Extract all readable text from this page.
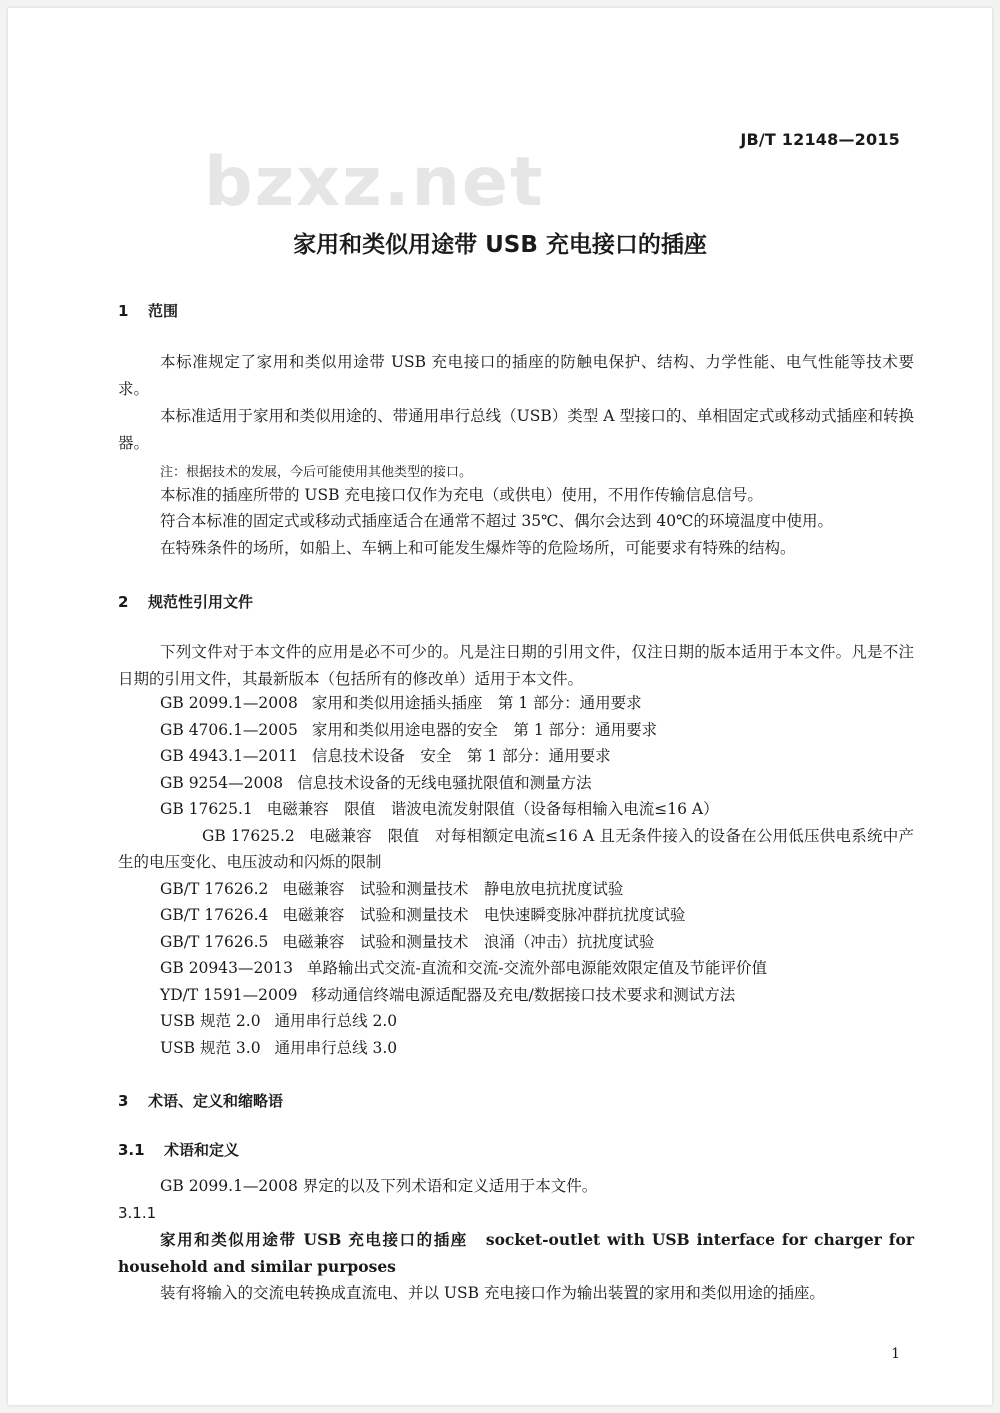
JB/T 12148—2015
bzxz.net
家用和类似用途带 USB 充电接口的插座
1 范围
本标准规定了家用和类似用途带 USB 充电接口的插座的防触电保护、结构、力学性能、电气性能等技术要求。
本标准适用于家用和类似用途的、带通用串行总线（USB）类型 A 型接口的、单相固定式或移动式插座和转换器。
注：根据技术的发展，今后可能使用其他类型的接口。
本标准的插座所带的 USB 充电接口仅作为充电（或供电）使用，不用作传输信息信号。
符合本标准的固定式或移动式插座适合在通常不超过 35℃、偶尔会达到 40℃的环境温度中使用。
在特殊条件的场所，如船上、车辆上和可能发生爆炸等的危险场所，可能要求有特殊的结构。
2 规范性引用文件
下列文件对于本文件的应用是必不可少的。凡是注日期的引用文件，仅注日期的版本适用于本文件。凡是不注日期的引用文件，其最新版本（包括所有的修改单）适用于本文件。
GB 2099.1—2008 家用和类似用途插头插座　第 1 部分：通用要求
GB 4706.1—2005 家用和类似用途电器的安全　第 1 部分：通用要求
GB 4943.1—2011 信息技术设备　安全　第 1 部分：通用要求
GB 9254—2008 信息技术设备的无线电骚扰限值和测量方法
GB 17625.1 电磁兼容　限值　谐波电流发射限值（设备每相输入电流≤16 A）
GB 17625.2 电磁兼容　限值　对每相额定电流≤16 A 且无条件接入的设备在公用低压供电系统中产生的电压变化、电压波动和闪烁的限制
GB/T 17626.2 电磁兼容　试验和测量技术　静电放电抗扰度试验
GB/T 17626.4 电磁兼容　试验和测量技术　电快速瞬变脉冲群抗扰度试验
GB/T 17626.5 电磁兼容　试验和测量技术　浪涌（冲击）抗扰度试验
GB 20943—2013 单路输出式交流-直流和交流-交流外部电源能效限定值及节能评价值
YD/T 1591—2009 移动通信终端电源适配器及充电/数据接口技术要求和测试方法
USB 规范 2.0 通用串行总线 2.0
USB 规范 3.0 通用串行总线 3.0
3 术语、定义和缩略语
3.1 术语和定义
GB 2099.1—2008 界定的以及下列术语和定义适用于本文件。
3.1.1
家用和类似用途带 USB 充电接口的插座 socket-outlet with USB interface for charger for household and similar purposes
装有将输入的交流电转换成直流电、并以 USB 充电接口作为输出装置的家用和类似用途的插座。
1
